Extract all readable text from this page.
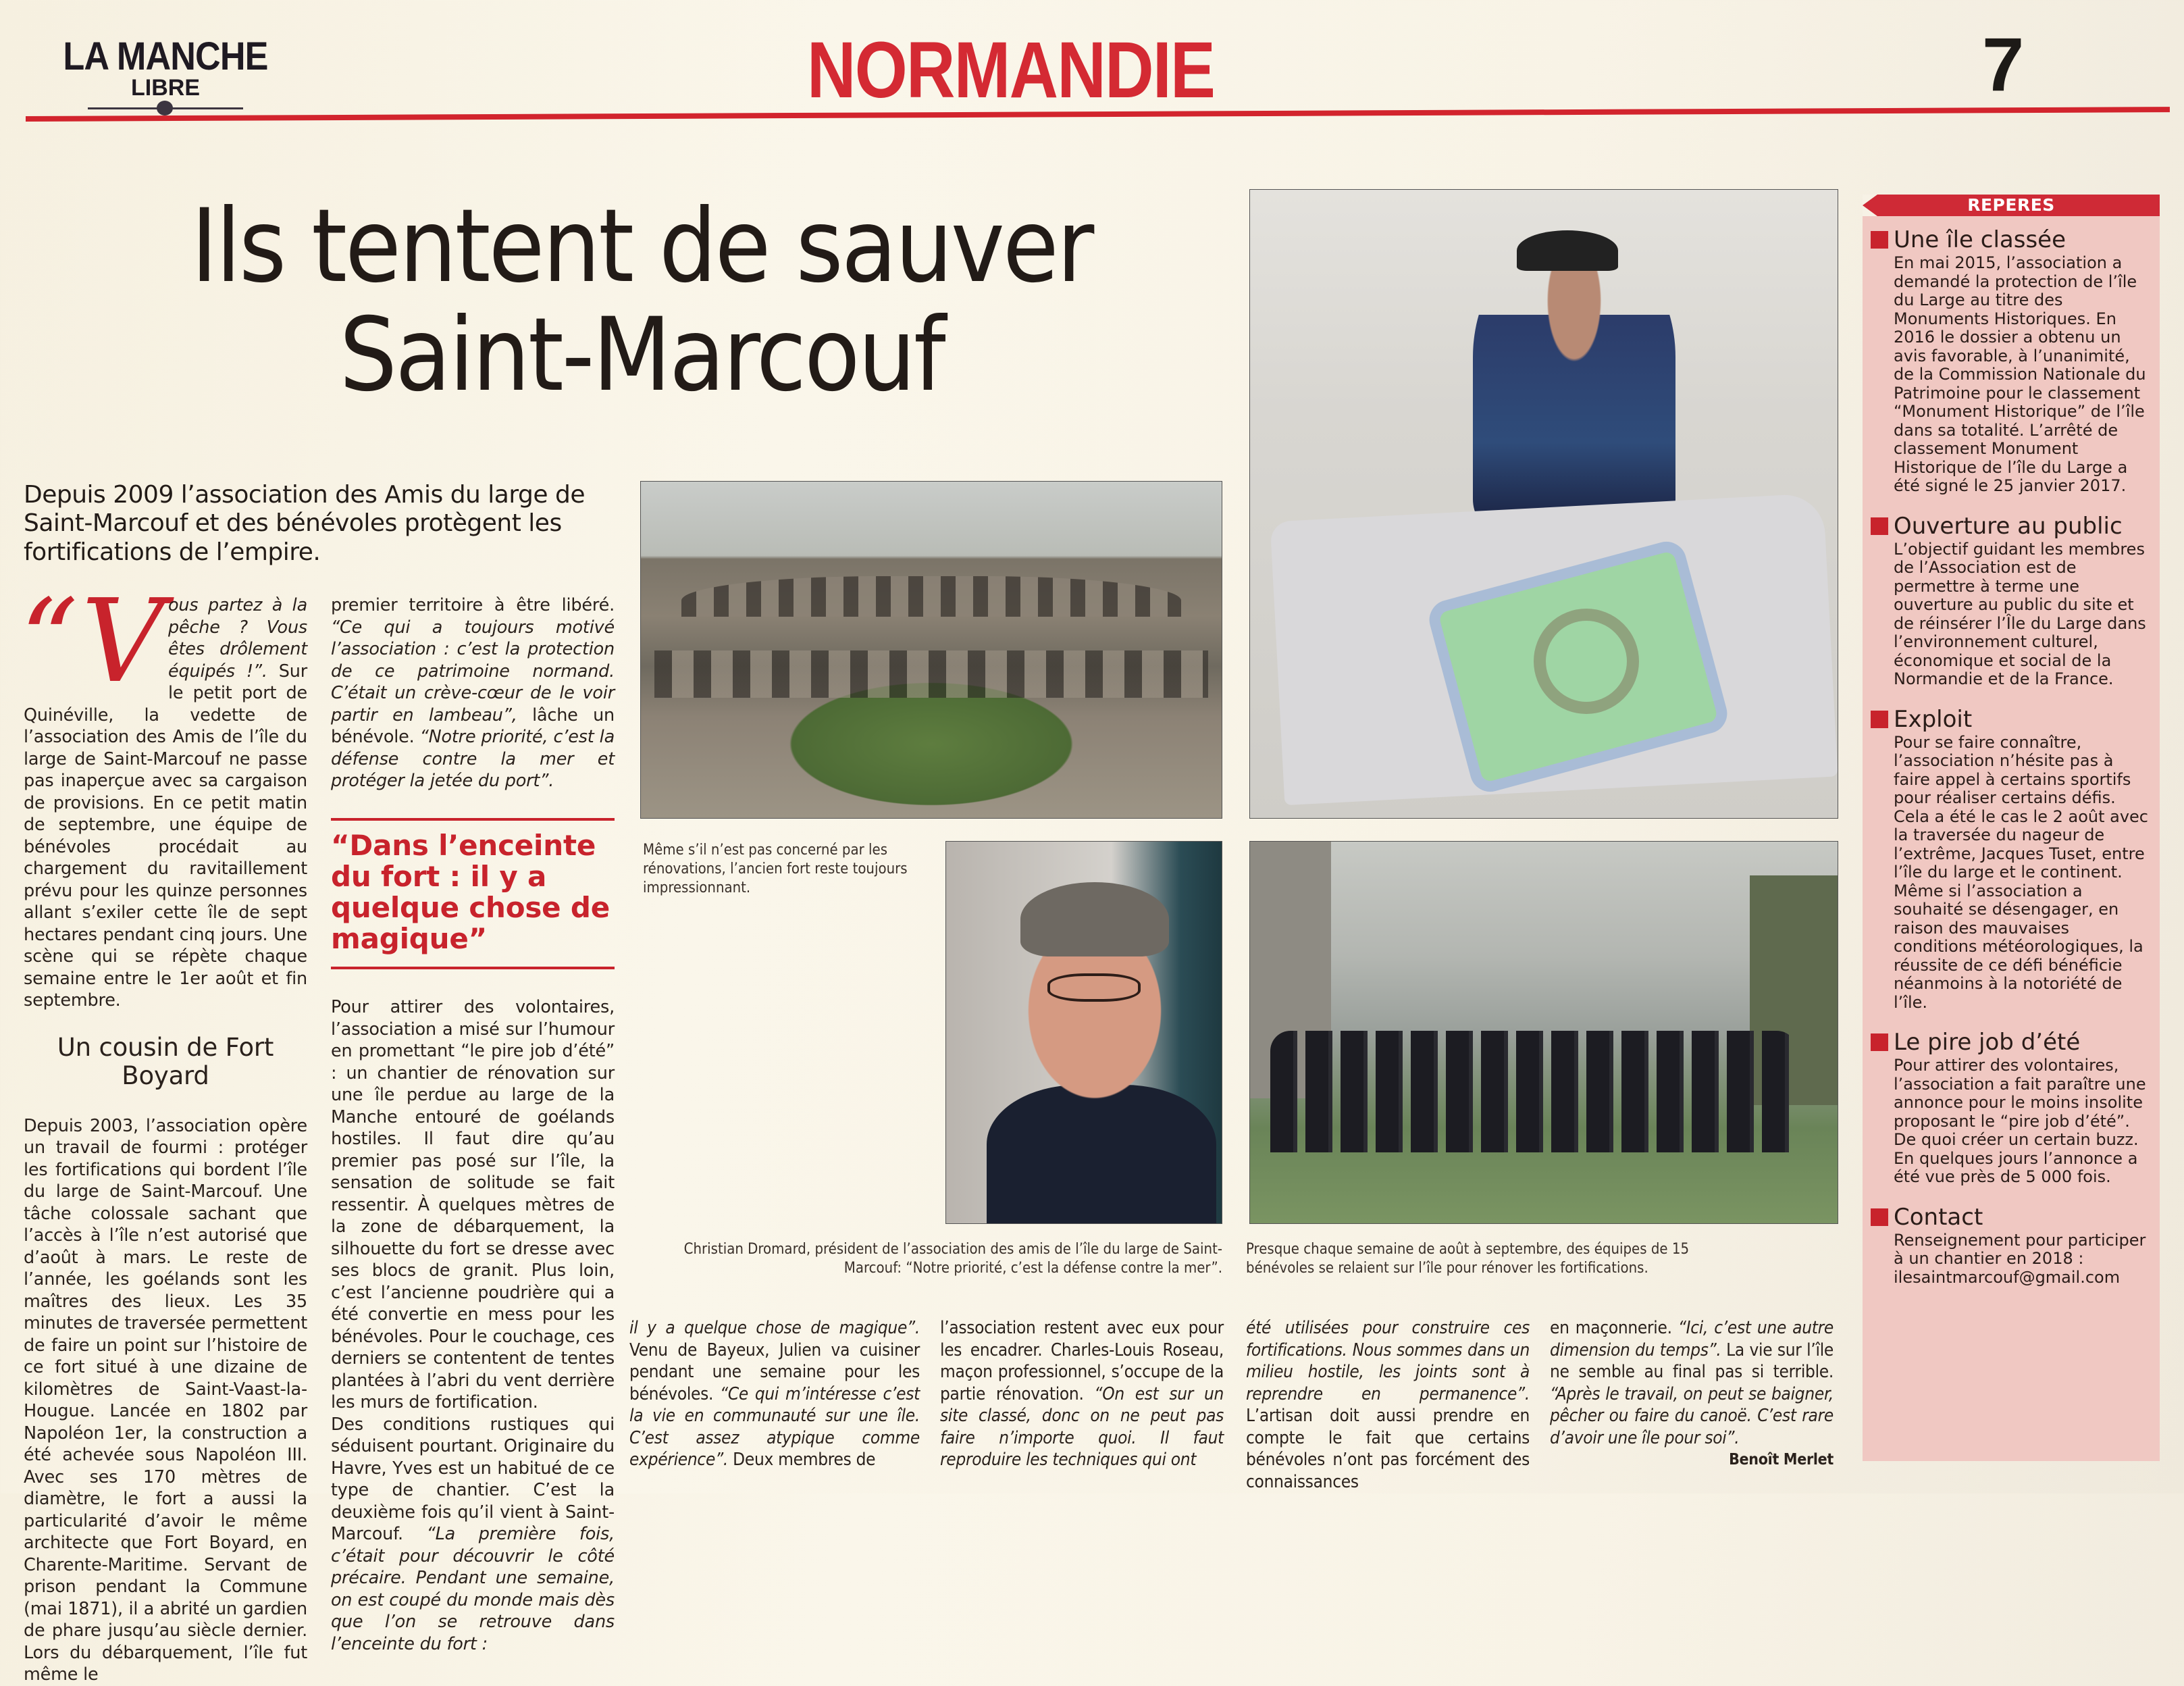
LA MANCHE
LIBRE	NORMANDIE	7
Ils tentent de sauver
Saint-Marcouf
Depuis 2009 l’association des Amis du large de Saint-Marcouf et des bénévoles protègent les fortifications de l’empire.

“Vous partez à la pêche ? Vous êtes drôlement équipés !”. Sur le petit port de Quinéville, la vedette de l’association des Amis de l’île du large de Saint-Marcouf ne passe pas inaperçue avec sa cargaison de provisions. En ce petit matin de septembre, une équipe de bénévoles procédait au chargement du ravitaillement prévu pour les quinze personnes allant s’exiler cette île de sept hectares pendant cinq jours. Une scène qui se répète chaque semaine entre le 1er août et fin septembre.

Un cousin de Fort Boyard

Depuis 2003, l’association opère un travail de fourmi : protéger les fortifications qui bordent l’île du large de Saint-Marcouf. Une tâche colossale sachant que l’accès à l’île n’est autorisé que d’août à mars. Le reste de l’année, les goélands sont les maîtres des lieux. Les 35 minutes de traversée permettent de faire un point sur l’histoire de ce fort situé à une dizaine de kilomètres de Saint-Vaast-la-Hougue. Lancée en 1802 par Napoléon 1er, la construction a été achevée sous Napoléon III. Avec ses 170 mètres de diamètre, le fort a aussi la particularité d’avoir le même architecte que Fort Boyard, en Charente-Maritime. Servant de prison pendant la Commune (mai 1871), il a abrité un gardien de phare jusqu’au siècle dernier. Lors du débarquement, l’île fut même le

premier territoire à être libéré. “Ce qui a toujours motivé l’association : c’est la protection de ce patrimoine normand. C’était un crève-cœur de le voir partir en lambeau”, lâche un bénévole. “Notre priorité, c’est la défense contre la mer et protéger la jetée du port”.

“Dans l’enceinte du fort : il y a quelque chose de magique”

Pour attirer des volontaires, l’association a misé sur l’humour en promettant “le pire job d’été” : un chantier de rénovation sur une île perdue au large de la Manche entouré de goélands hostiles. Il faut dire qu’au premier pas posé sur l’île, la sensation de solitude se fait ressentir. À quelques mètres de la zone de débarquement, la silhouette du fort se dresse avec ses blocs de granit. Plus loin, c’est l’ancienne poudrière qui a été convertie en mess pour les bénévoles. Pour le couchage, ces derniers se contentent de tentes plantées à l’abri du vent derrière les murs de fortification.

Des conditions rustiques qui séduisent pourtant. Originaire du Havre, Yves est un habitué de ce type de chantier. C’est la deuxième fois qu’il vient à Saint-Marcouf. “La première fois, c’était pour découvrir le côté précaire. Pendant une semaine, on est coupé du monde mais dès que l’on se retrouve dans l’enceinte du fort :

Même s’il n’est pas concerné par les rénovations, l’ancien fort reste toujours impressionnant.
Christian Dromard, président de l’association des amis de l’île du large de Saint-Marcouf: “Notre priorité, c’est la défense contre la mer”.
Presque chaque semaine de août à septembre, des équipes de 15 bénévoles se relaient sur l’île pour rénover les fortifications.

il y a quelque chose de magique”. Venu de Bayeux, Julien va cuisiner pendant une semaine pour les bénévoles. “Ce qui m’intéresse c’est la vie en communauté sur une île. C’est assez atypique comme expérience”. Deux membres de

l’association restent avec eux pour les encadrer. Charles-Louis Roseau, maçon professionnel, s’occupe de la partie rénovation. “On est sur un site classé, donc on ne peut pas faire n’importe quoi. Il faut reproduire les techniques qui ont

été utilisées pour construire ces fortifications. Nous sommes dans un milieu hostile, les joints sont à reprendre en permanence”. L’artisan doit aussi prendre en compte le fait que certains bénévoles n’ont pas forcément des connaissances

en maçonnerie. “Ici, c’est une autre dimension du temps”. La vie sur l’île ne semble au final pas si terrible. “Après le travail, on peut se baigner, pêcher ou faire du canoë. C’est rare d’avoir une île pour soi”.

Benoît Merlet
REPERES
Une île classée
En mai 2015, l’association a demandé la protection de l’île du Large au titre des Monuments Historiques. En 2016 le dossier a obtenu un avis favorable, à l’unanimité, de la Commission Nationale du Patrimoine pour le classement “Monument Historique” de l’île dans sa totalité. L’arrêté de classement Monument Historique de l’île du Large a été signé le 25 janvier 2017.
Ouverture au public
L’objectif guidant les membres de l’Association est de permettre à terme une ouverture au public du site et de réinsérer l’Île du Large dans l’environnement culturel, économique et social de la Normandie et de la France.
Exploit
Pour se faire connaître, l’association n’hésite pas à faire appel à certains sportifs pour réaliser certains défis. Cela a été le cas le 2 août avec la traversée du nageur de l’extrême, Jacques Tuset, entre l’île du large et le continent. Même si l’association a souhaité se désengager, en raison des mauvaises conditions météorologiques, la réussite de ce défi bénéficie néanmoins à la notoriété de l’île.
Le pire job d’été
Pour attirer des volontaires, l’association a fait paraître une annonce pour le moins insolite proposant le “pire job d’été”. De quoi créer un certain buzz. En quelques jours l’annonce a été vue près de 5 000 fois.
Contact
Renseignement pour participer à un chantier en 2018 : ilesaintmarcouf@gmail.com
